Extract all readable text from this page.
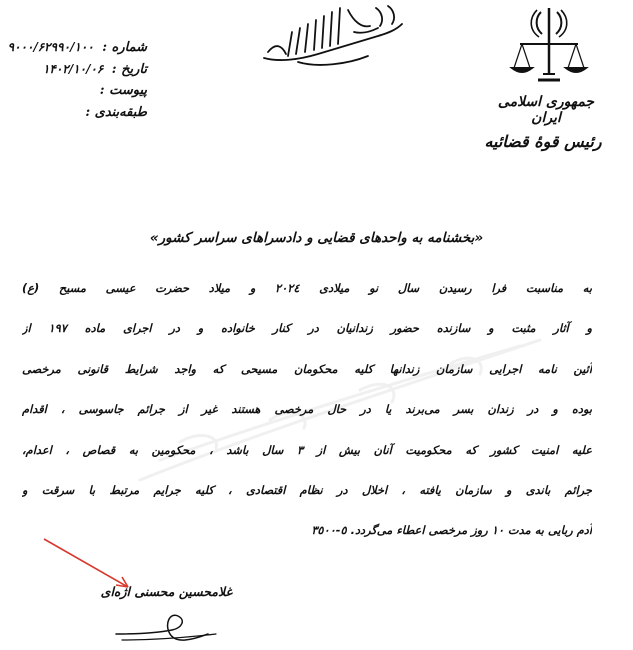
جمهوری اسلامی ایران
رئیس قوهٔ قضائیه
شماره : ۹۰۰۰/۶۲۹۹۰/۱۰۰
تاریخ : ۱۴۰۲/۱۰/۰۶
پیوست :
طبقه‌بندی :
«بخشنامه به واحدهای قضایی و دادسراهای سراسر کشور»
به مناسبت فرا رسیدن سال نو میلادی ۲۰۲٤ و میلاد حضرت عیسی مسیح (ع)
و آثار مثبت و سازنده حضور زندانیان در کنار خانواده و در اجرای ماده ۱۹۷ از
آئین نامه اجرایی سازمان زندانها کلیه محکومان مسیحی که واجد شرایط قانونی مرخصی
بوده و در زندان بسر می‌برند یا در حال مرخصی هستند غیر از جرائم جاسوسی ، اقدام
علیه امنیت کشور که محکومیت آنان بیش از ۳ سال باشد ، محکومین به قصاص ، اعدام،
جرائم باندی و سازمان یافته ، اخلال در نظام اقتصادی ، کلیه جرایم مرتبط با سرقت و
آدم ربایی به مدت ۱۰ روز مرخصی اعطاء می‌گردد. ٥-٣٥٠٠
غلامحسین محسنی اژه‌ای
